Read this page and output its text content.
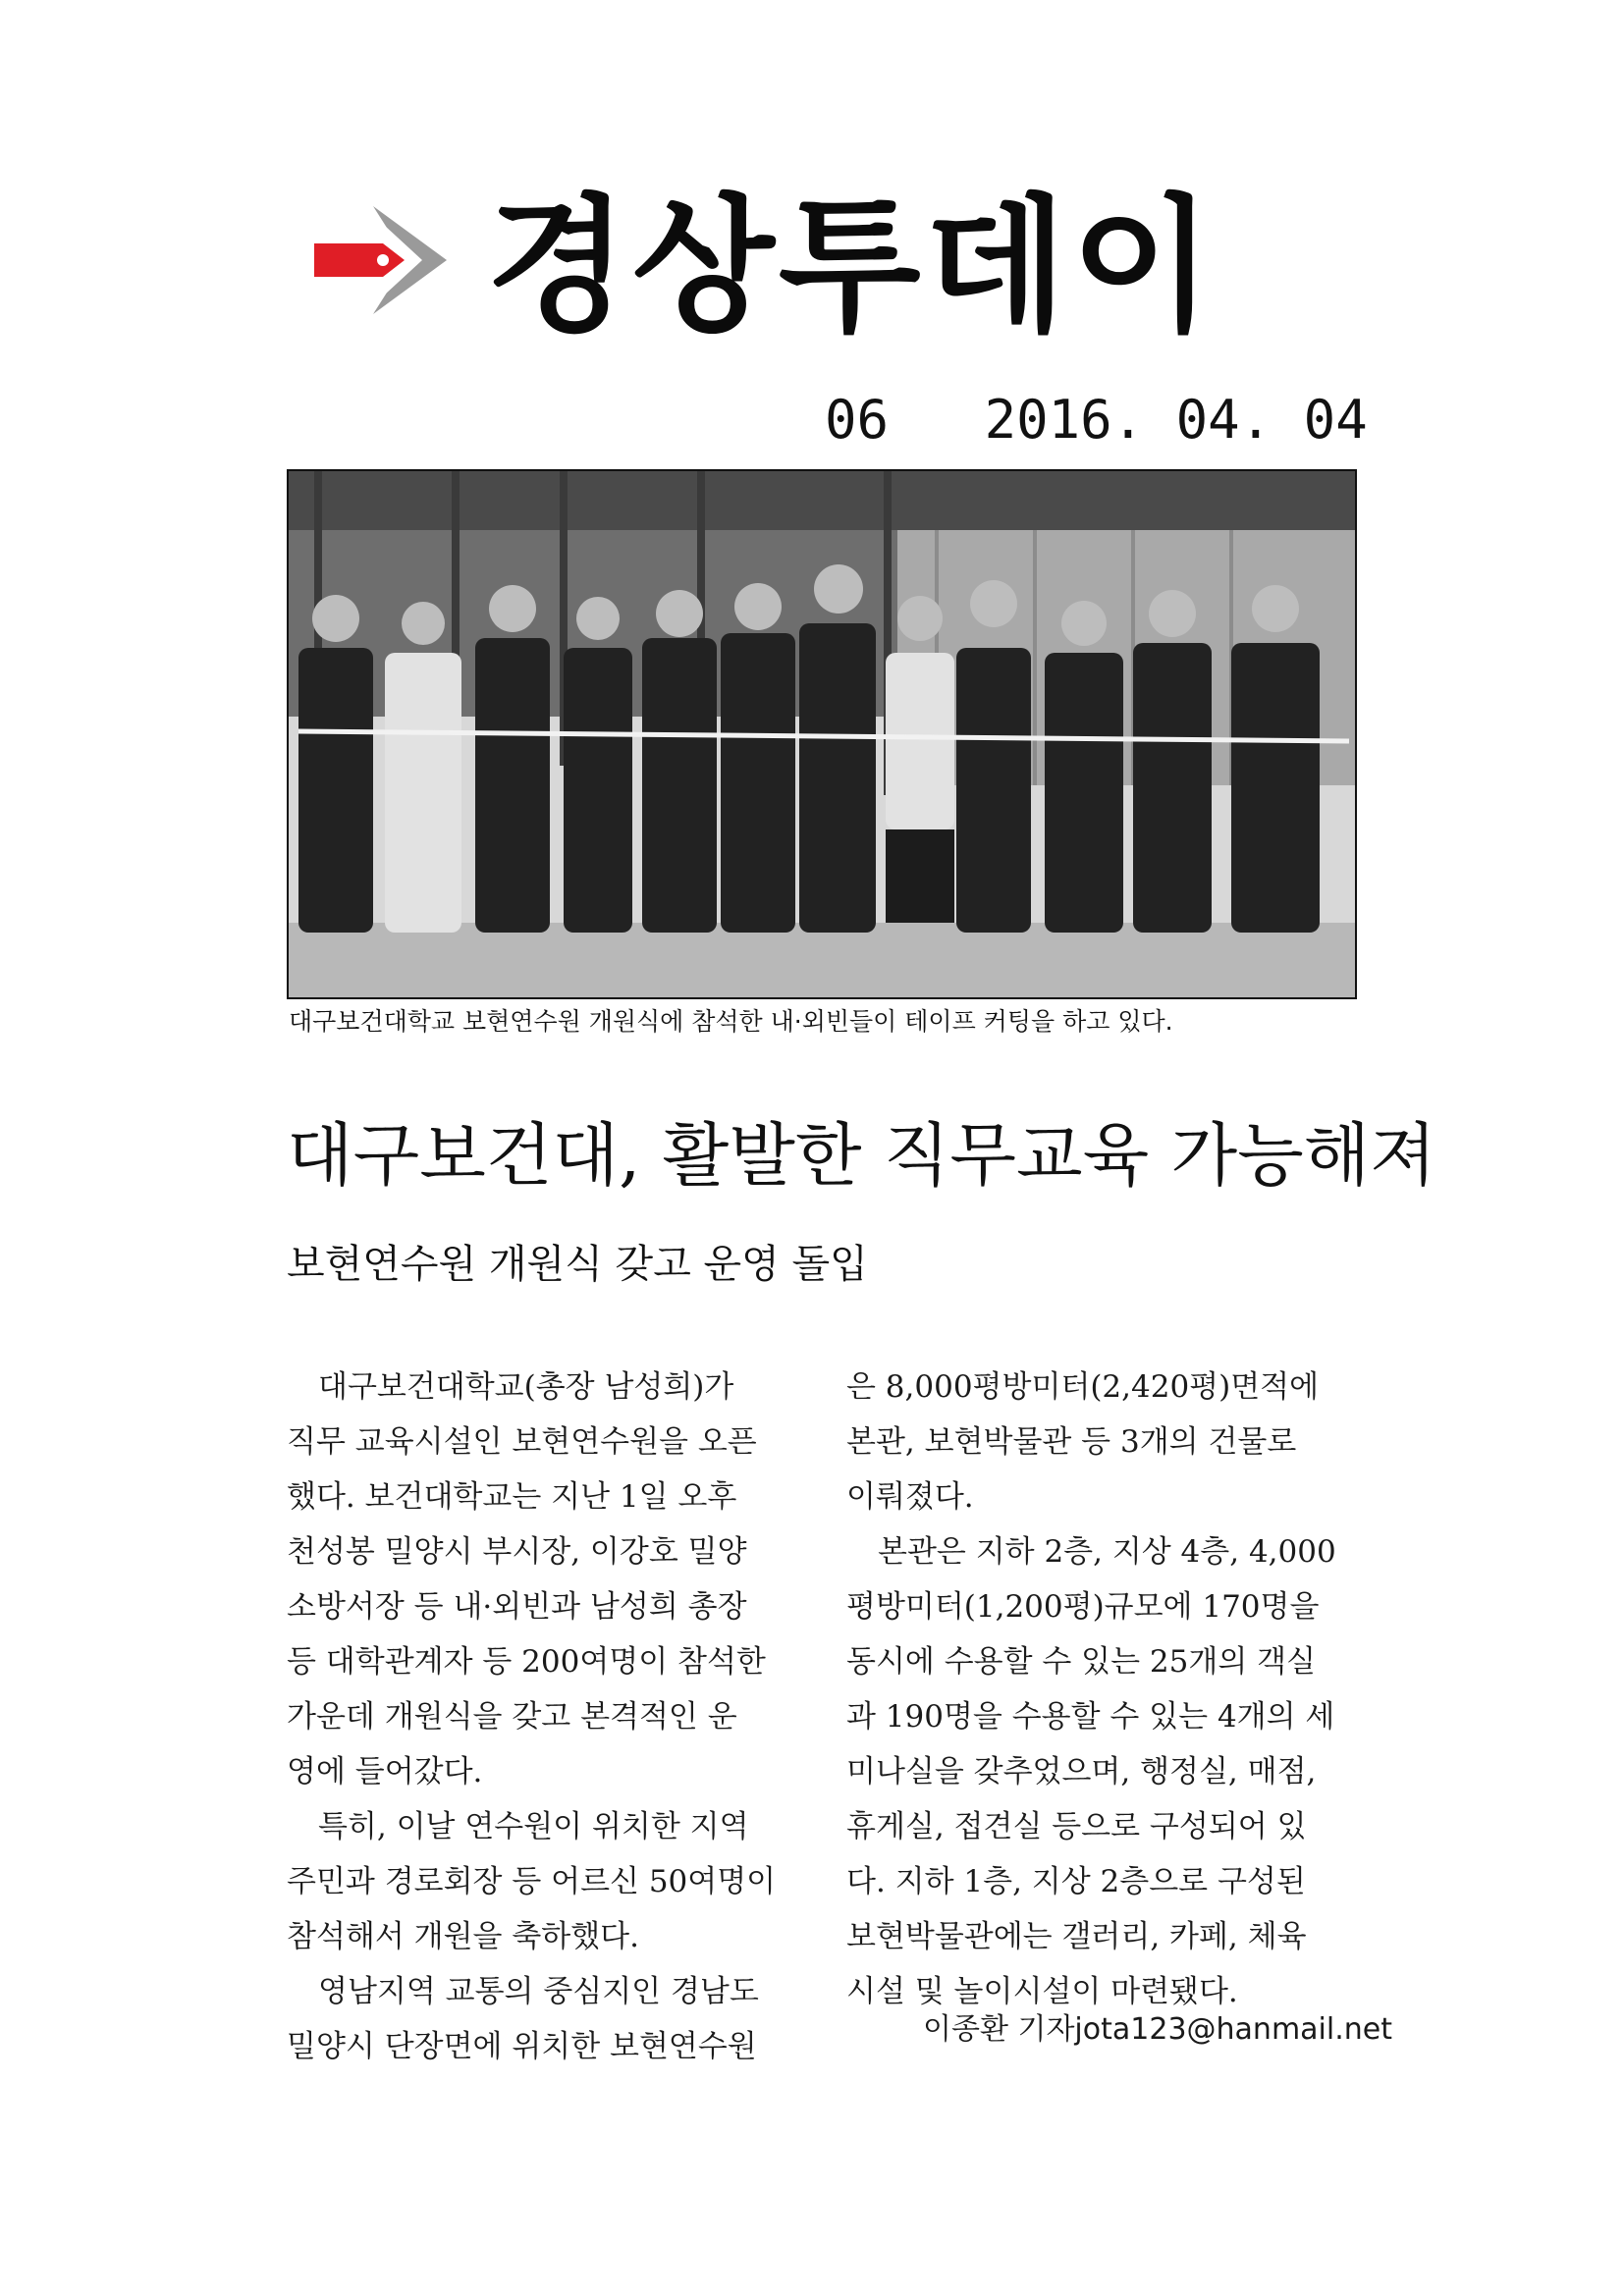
경상투데이
06 2016. 04. 04
대구보건대학교 보현연수원 개원식에 참석한 내·외빈들이 테이프 커팅을 하고 있다.
대구보건대, 활발한 직무교육 가능해져
보현연수원 개원식 갖고 운영 돌입

대구보건대학교(총장 남성희)가

직무 교육시설인 보현연수원을 오픈

했다. 보건대학교는 지난 1일 오후

천성봉 밀양시 부시장, 이강호 밀양

소방서장 등 내·외빈과 남성희 총장

등 대학관계자 등 200여명이 참석한

가운데 개원식을 갖고 본격적인 운

영에 들어갔다.

특히, 이날 연수원이 위치한 지역

주민과 경로회장 등 어르신 50여명이

참석해서 개원을 축하했다.

영남지역 교통의 중심지인 경남도

밀양시 단장면에 위치한 보현연수원

은 8,000평방미터(2,420평)면적에

본관, 보현박물관 등 3개의 건물로

이뤄졌다.

본관은 지하 2층, 지상 4층, 4,000

평방미터(1,200평)규모에 170명을

동시에 수용할 수 있는 25개의 객실

과 190명을 수용할 수 있는 4개의 세

미나실을 갖추었으며, 행정실, 매점,

휴게실, 접견실 등으로 구성되어 있

다. 지하 1층, 지상 2층으로 구성된

보현박물관에는 갤러리, 카페, 체육

시설 및 놀이시설이 마련됐다.

이종환 기자jota123@hanmail.net
